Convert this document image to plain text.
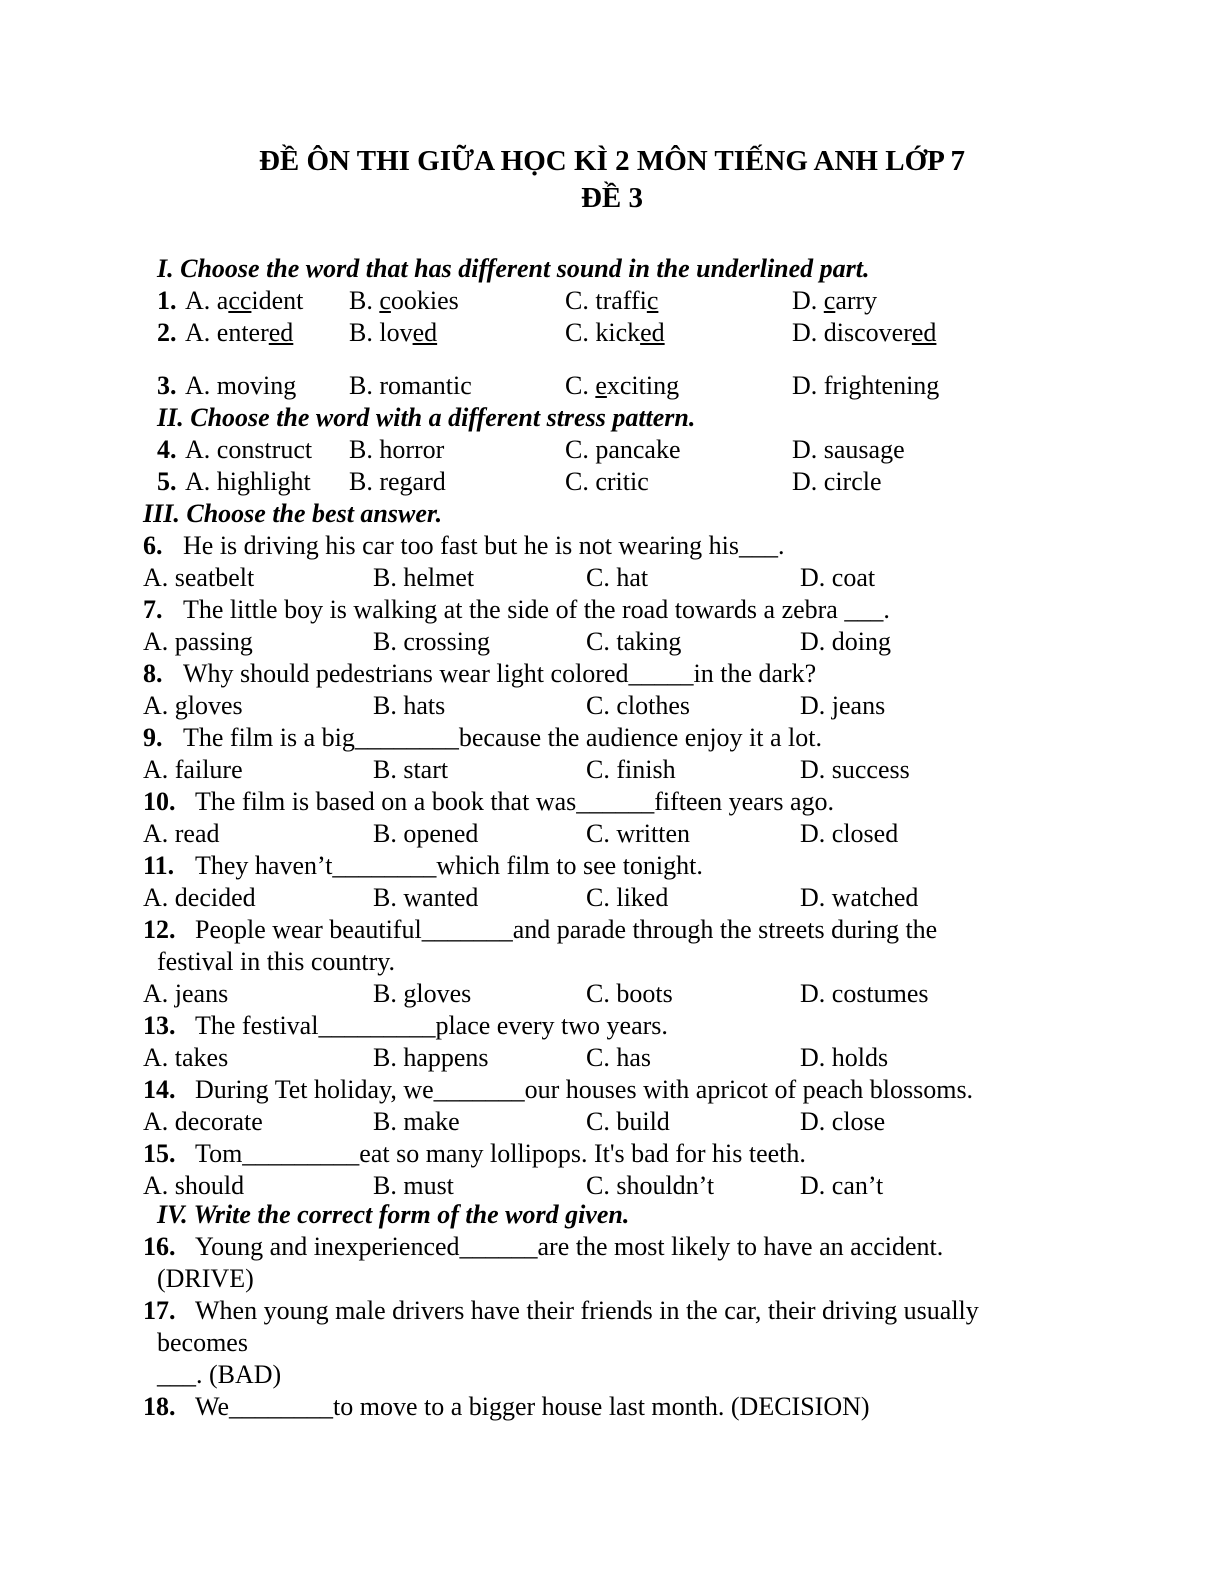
ĐỀ ÔN THI GIỮA HỌC KÌ 2 MÔN TIẾNG ANH LỚP 7
ĐỀ 3
I. Choose the word that has different sound in the underlined part.
1. A. accident B. cookies	C. traffic	D. carry
2. A. entered B. loved	C. kicked	D. discovered
3. A. moving B. romantic	C. exciting	D. frightening
II. Choose the word with a different stress pattern.
4. A. construct B. horror	C. pancake	D. sausage
5. A. highlight B. regard	C. critic	D. circle
III. Choose the best answer.
6. He is driving his car too fast but he is not wearing his___.
A. seatbelt	B. helmet	C. hat	D. coat
7. The little boy is walking at the side of the road towards a zebra ___.
A. passing	B. crossing	C. taking	D. doing
8. Why should pedestrians wear light colored_____in the dark?
A. gloves	B. hats	C. clothes	D. jeans
9. The film is a big________because the audience enjoy it a lot.
A. failure	B. start	C. finish	D. success
10. The film is based on a book that was______fifteen years ago.
A. read	B. opened	C. written	D. closed
11. They haven’t________which film to see tonight.
A. decided	B. wanted	C. liked	D. watched
12. People wear beautiful_______and parade through the streets during the
festival in this country.
A. jeans	B. gloves	C. boots	D. costumes
13. The festival_________place every two years.
A. takes	B. happens	C. has	D. holds
14. During Tet holiday, we_______our houses with apricot of peach blossoms.
A. decorate	B. make	C. build	D. close
15. Tom_________eat so many lollipops. It's bad for his teeth.
A. should	B. must	C. shouldn’t	D. can’t
IV. Write the correct form of the word given.
16. Young and inexperienced______are the most likely to have an accident.
(DRIVE)
17. When young male drivers have their friends in the car, their driving usually
becomes
___. (BAD)
18. We________to move to a bigger house last month. (DECISION)
